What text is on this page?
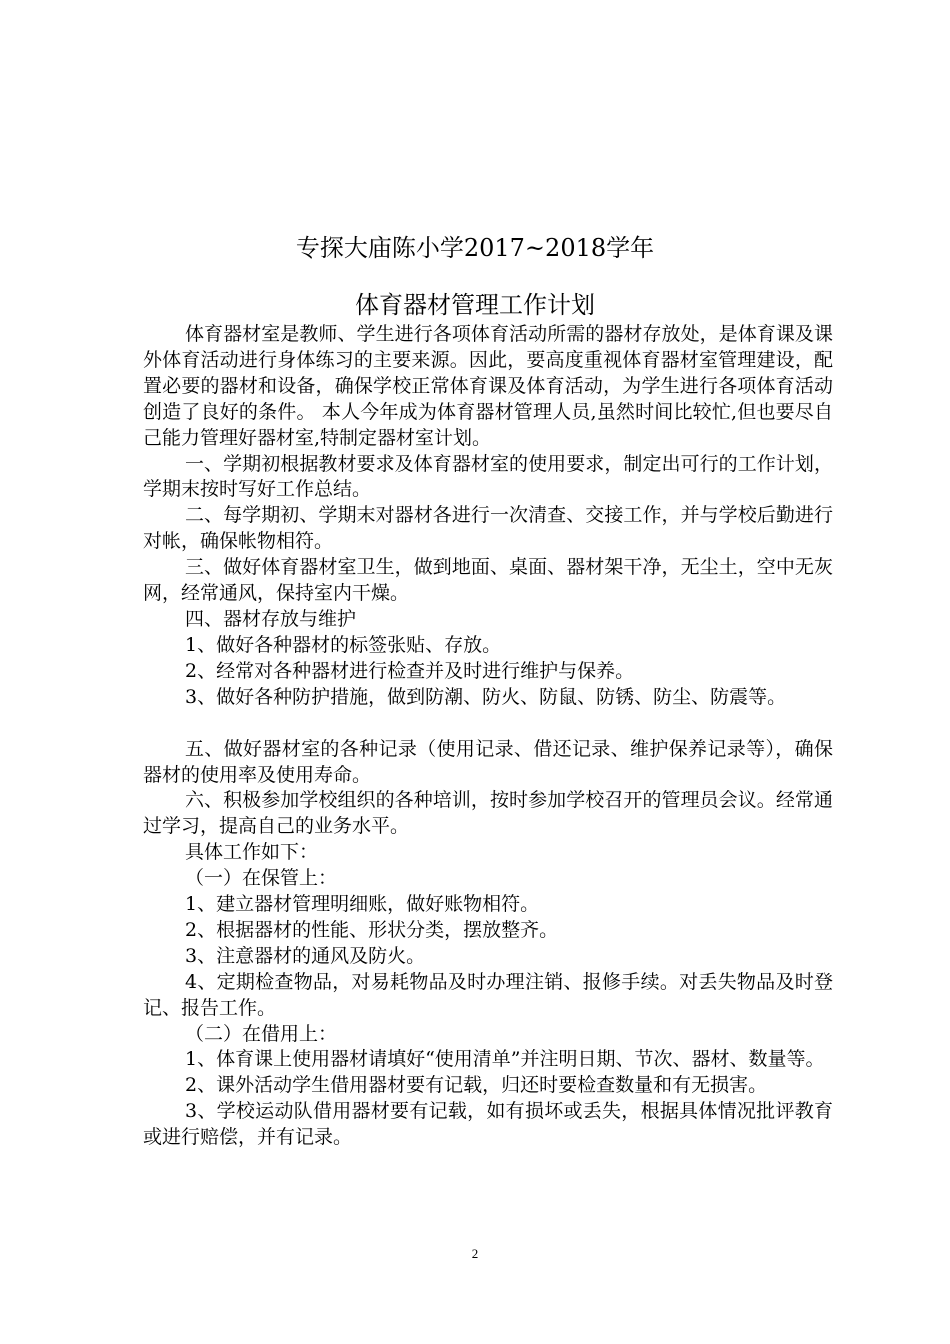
专探大庙陈小学2017~2018学年
体育器材管理工作计划

体育器材室是教师、学生进行各项体育活动所需的器材存放处，是体育课及课外体育活动进行身体练习的主要来源。因此，要高度重视体育器材室管理建设，配置必要的器材和设备，确保学校正常体育课及体育活动，为学生进行各项体育活动创造了良好的条件。 本人今年成为体育器材管理人员,虽然时间比较忙,但也要尽自己能力管理好器材室,特制定器材室计划。

一、学期初根据教材要求及体育器材室的使用要求，制定出可行的工作计划，学期末按时写好工作总结。

二、每学期初、学期末对器材各进行一次清查、交接工作，并与学校后勤进行对帐，确保帐物相符。

三、做好体育器材室卫生，做到地面、桌面、器材架干净，无尘土，空中无灰网，经常通风，保持室内干燥。

四、器材存放与维护

1、做好各种器材的标签张贴、存放。

2、经常对各种器材进行检查并及时进行维护与保养。

3、做好各种防护措施，做到防潮、防火、防鼠、防锈、防尘、防震等。

五、做好器材室的各种记录（使用记录、借还记录、维护保养记录等），确保器材的使用率及使用寿命。

六、积极参加学校组织的各种培训，按时参加学校召开的管理员会议。经常通过学习，提高自己的业务水平。

具体工作如下：

（一）在保管上：

1、建立器材管理明细账，做好账物相符。

2、根据器材的性能、形状分类，摆放整齐。

3、注意器材的通风及防火。

4、定期检查物品，对易耗物品及时办理注销、报修手续。对丢失物品及时登记、报告工作。

（二）在借用上：

1、体育课上使用器材请填好“使用清单”并注明日期、节次、器材、数量等。

2、课外活动学生借用器材要有记载，归还时要检查数量和有无损害。

3、学校运动队借用器材要有记载，如有损坏或丢失，根据具体情况批评教育或进行赔偿，并有记录。

2
